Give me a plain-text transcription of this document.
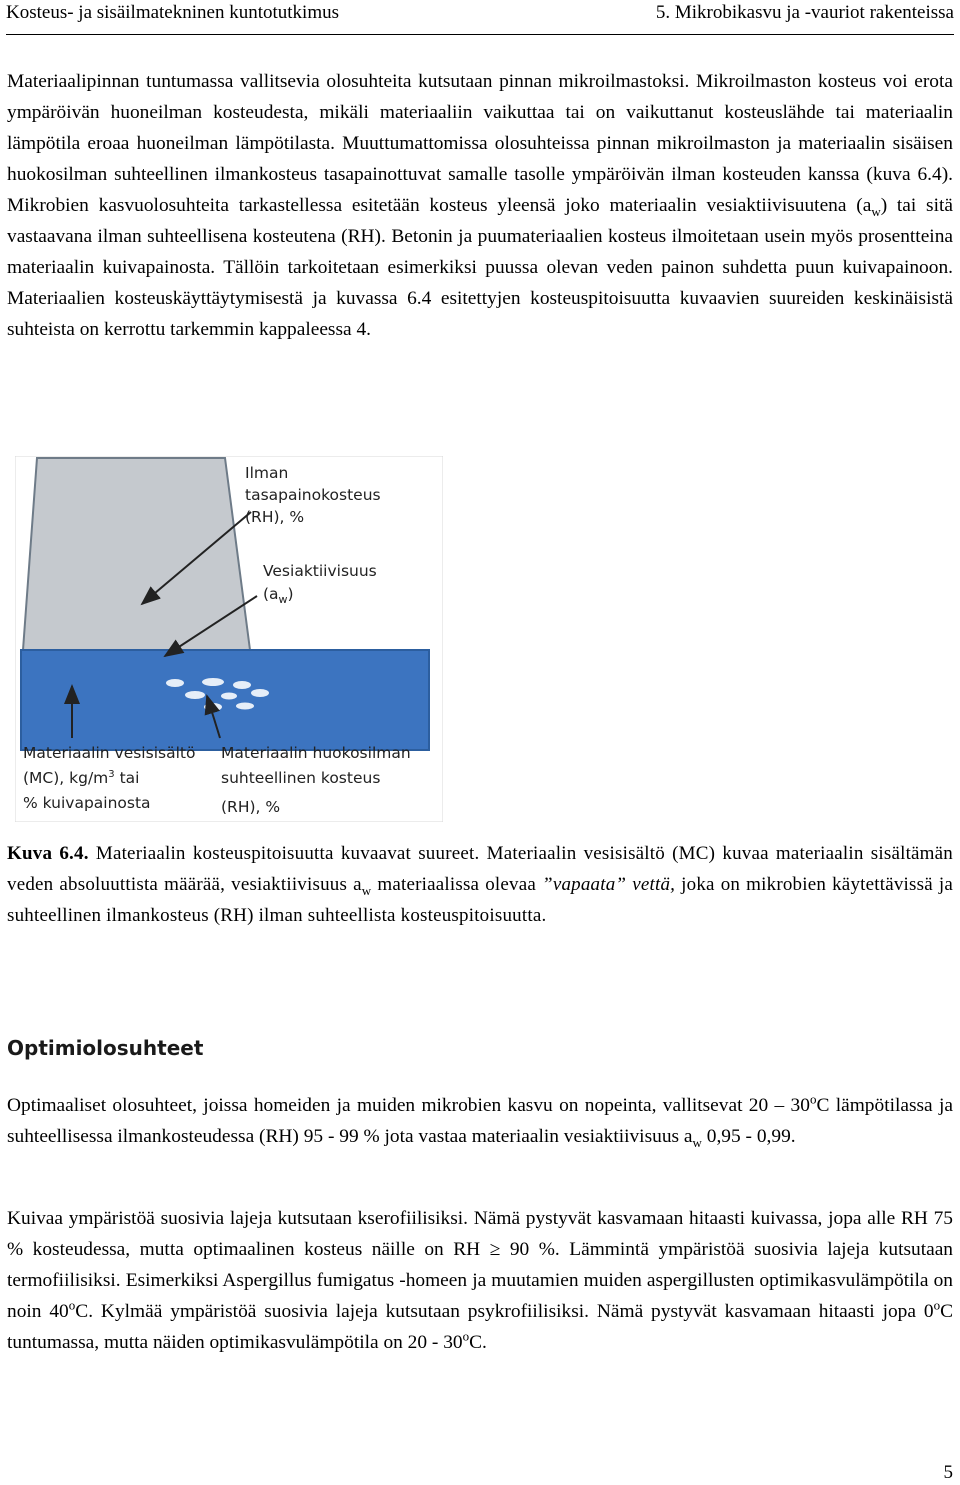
Kosteus- ja sisäilmatekninen kuntotutkimus	5. Mikrobikasvu ja -vauriot rakenteissa

Materiaalipinnan tuntumassa vallitsevia olosuhteita kutsutaan pinnan mikroilmastoksi. Mikroilmaston kosteus voi erota ympäröivän huoneilman kosteudesta, mikäli materiaaliin vaikuttaa tai on vaikuttanut kosteuslähde tai materiaalin lämpötila eroaa huoneilman lämpötilasta. Muuttumattomissa olosuhteissa pinnan mikroilmaston ja materiaalin sisäisen huokosilman suhteellinen ilmankosteus tasapainottuvat samalle tasolle ympäröivän ilman kosteuden kanssa (kuva 6.4). Mikrobien kasvuolosuhteita tarkastellessa esitetään kosteus yleensä joko materiaalin vesiaktiivisuutena $(a_w)$ tai sitä vastaavana ilman suhteellisena kosteutena (RH). Betonin ja puumateriaalien kosteus ilmoitetaan usein myös prosentteina materiaalin kuivapainosta. Tällöin tarkoitetaan esimerkiksi puussa olevan veden painon suhdetta puun kuivapainoon. Materiaalien kosteuskäyttäytymisestä ja kuvassa 6.4 esitettyjen kosteuspitoisuutta kuvaavien suureiden keskinäisistä suhteista on kerrottu tarkemmin kappaleessa 4.

Ilman tasapainokosteus (RH), %
Vesiaktiivisuus $(a_w)$
Materiaalin vesisisältö (MC), $kg/m^3$ tai % kuivapainosta
Materiaalin huokosilman suhteellinen kosteus (RH), %

Kuva 6.4. Materiaalin kosteuspitoisuutta kuvaavat suureet. Materiaalin vesisisältö (MC) kuvaa materiaalin sisältämän veden absoluuttista määrää, vesiaktiivisuus $a_w$ materiaalissa olevaa ”vapaata” vettä, joka on mikrobien käytettävissä ja suhteellinen ilmankosteus (RH) ilman suhteellista kosteuspitoisuutta.

Optimiolosuhteet

Optimaaliset olosuhteet, joissa homeiden ja muiden mikrobien kasvu on nopeinta, vallitsevat 20 – 30$^o$C lämpötilassa ja suhteellisessa ilmankosteudessa (RH) 95 - 99 % jota vastaa materiaalin vesiaktiivisuus $a_w$ 0,95 - 0,99.

Kuivaa ympäristöä suosivia lajeja kutsutaan kserofiilisiksi. Nämä pystyvät kasvamaan hitaasti kuivassa, jopa alle RH 75 % kosteudessa, mutta optimaalinen kosteus näille on RH ≥ 90 %. Lämmintä ympäristöä suosivia lajeja kutsutaan termofiilisiksi. Esimerkiksi Aspergillus fumigatus -homeen ja muutamien muiden aspergillusten optimikasvulämpötila on noin 40$^o$C. Kylmää ympäristöä suosivia lajeja kutsutaan psykrofiilisiksi. Nämä pystyvät kasvamaan hitaasti jopa 0$^o$C tuntumassa, mutta näiden optimikasvulämpötila on 20 - 30$^o$C.

5
